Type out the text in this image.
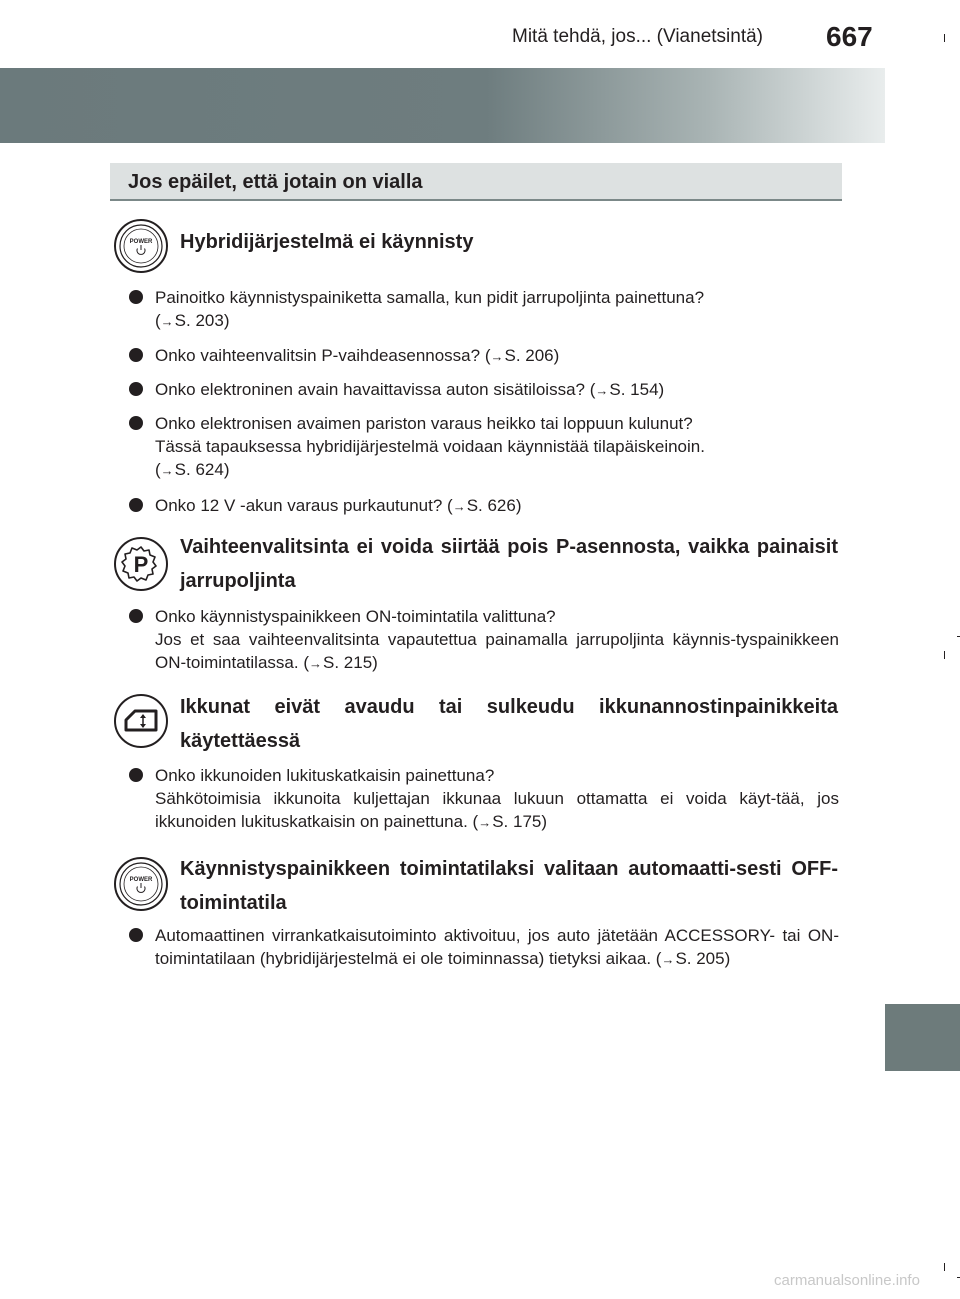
Mitä tehdä, jos... (Vianetsintä) 667
Jos epäilet, että jotain on vialla
POWER Hybridijärjestelmä ei käynnisty
Painoitko käynnistyspainiketta samalla, kun pidit jarrupoljinta painettuna?
(→S. 203)
Onko vaihteenvalitsin P-vaihdeasennossa? (→S. 206)
Onko elektroninen avain havaittavissa auton sisätiloissa? (→S. 154)
Onko elektronisen avaimen pariston varaus heikko tai loppuun kulunut?
Tässä tapauksessa hybridijärjestelmä voidaan käynnistää tilapäiskeinoin.
(→S. 624)
Onko 12 V -akun varaus purkautunut? (→S. 626)
P
Vaihteenvalitsinta ei voida siirtää pois P-asennosta, vaikka painaisit jarrupoljinta
Onko käynnistyspainikkeen ON-toimintatila valittuna?
Jos et saa vaihteenvalitsinta vapautettua painamalla jarrupoljinta käynnis-tyspainikkeen ON-toimintatilassa. (→S. 215)
Ikkunat eivät avaudu tai sulkeudu ikkunannostinpainikkeita käytettäessä
Onko ikkunoiden lukituskatkaisin painettuna?
Sähkötoimisia ikkunoita kuljettajan ikkunaa lukuun ottamatta ei voida käyt-tää, jos ikkunoiden lukituskatkaisin on painettuna. (→S. 175)
POWER Käynnistyspainikkeen toimintatilaksi valitaan automaatti-sesti OFF-toimintatila
Automaattinen virrankatkaisutoiminto aktivoituu, jos auto jätetään ACCESSORY- tai ON-toimintatilaan (hybridijärjestelmä ei ole toiminnassa) tietyksi aikaa. (→S. 205)
carmanualsonline.info
